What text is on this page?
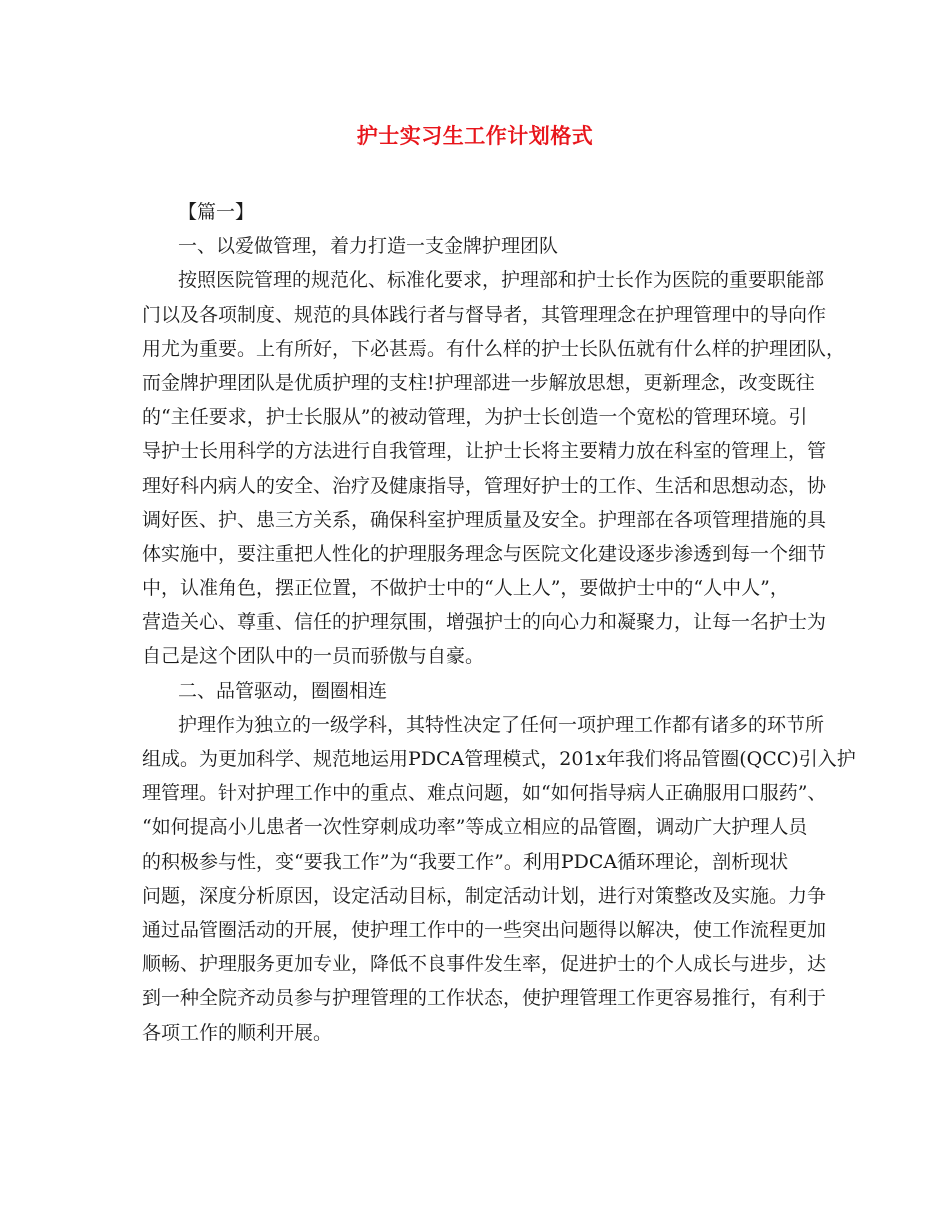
护士实习生工作计划格式
【篇一】
一、以爱做管理，着力打造一支金牌护理团队
按照医院管理的规范化、标准化要求，护理部和护士长作为医院的重要职能部
门以及各项制度、规范的具体践行者与督导者，其管理理念在护理管理中的导向作
用尤为重要。上有所好，下必甚焉。有什么样的护士长队伍就有什么样的护理团队，
而金牌护理团队是优质护理的支柱!护理部进一步解放思想，更新理念，改变既往
的“主任要求，护士长服从”的被动管理，为护士长创造一个宽松的管理环境。引
导护士长用科学的方法进行自我管理，让护士长将主要精力放在科室的管理上，管
理好科内病人的安全、治疗及健康指导，管理好护士的工作、生活和思想动态，协
调好医、护、患三方关系，确保科室护理质量及安全。护理部在各项管理措施的具
体实施中，要注重把人性化的护理服务理念与医院文化建设逐步渗透到每一个细节
中，认准角色，摆正位置，不做护士中的“人上人”，要做护士中的“人中人”，
营造关心、尊重、信任的护理氛围，增强护士的向心力和凝聚力，让每一名护士为
自己是这个团队中的一员而骄傲与自豪。
二、品管驱动，圈圈相连
护理作为独立的一级学科，其特性决定了任何一项护理工作都有诸多的环节所
组成。为更加科学、规范地运用PDCA管理模式，201x年我们将品管圈(QCC)引入护
理管理。针对护理工作中的重点、难点问题，如“如何指导病人正确服用口服药”、
“如何提高小儿患者一次性穿刺成功率”等成立相应的品管圈，调动广大护理人员
的积极参与性，变“要我工作”为“我要工作”。利用PDCA循环理论，剖析现状
问题，深度分析原因，设定活动目标，制定活动计划，进行对策整改及实施。力争
通过品管圈活动的开展，使护理工作中的一些突出问题得以解决，使工作流程更加
顺畅、护理服务更加专业，降低不良事件发生率，促进护士的个人成长与进步，达
到一种全院齐动员参与护理管理的工作状态，使护理管理工作更容易推行，有利于
各项工作的顺利开展。
